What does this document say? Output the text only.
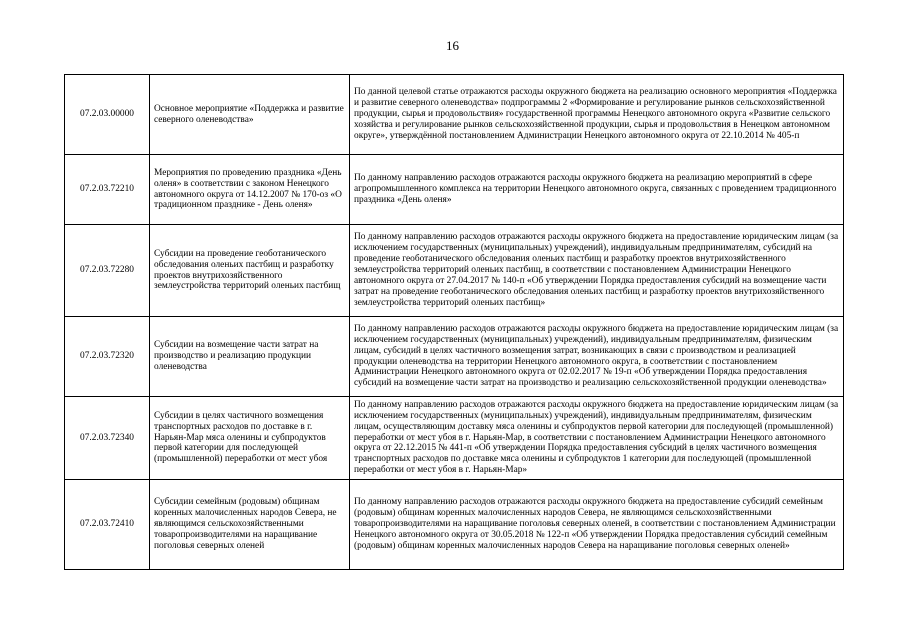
16
07.2.03.00000	Основное мероприятие «Поддержка и развитие северного оленеводства»	По данной целевой статье отражаются расходы окружного бюджета на реализацию основного мероприятия «Поддержка и развитие северного оленеводства» подпрограммы 2 «Формирование и регулирование рынков сельскохозяйственной продукции, сырья и продовольствия» государственной программы Ненецкого автономного округа «Развитие сельского хозяйства и регулирование рынков сельскохозяйственной продукции, сырья и продовольствия в Ненецком автономном округе», утверждённой постановлением Администрации Ненецкого автономного округа от 22.10.2014 № 405-п
07.2.03.72210	Мероприятия по проведению праздника «День оленя» в соответствии с законом Ненецкого автономного округа от 14.12.2007 № 170-оз «О традиционном празднике - День оленя»	По данному направлению расходов отражаются расходы окружного бюджета на реализацию мероприятий в сфере агропромышленного комплекса на территории Ненецкого автономного округа, связанных с проведением традиционного праздника «День оленя»
07.2.03.72280	Субсидии на проведение геоботанического обследования оленьих пастбищ и разработку проектов внутрихозяйственного землеустройства территорий оленьих пастбищ	По данному направлению расходов отражаются расходы окружного бюджета на предоставление юридическим лицам (за исключением государственных (муниципальных) учреждений), индивидуальным предпринимателям, субсидий на проведение геоботанического обследования оленьих пастбищ и разработку проектов внутрихозяйственного землеустройства территорий оленьих пастбищ, в соответствии с постановлением Администрации Ненецкого автономного округа от 27.04.2017 № 140-п «Об утверждении Порядка предоставления субсидий на возмещение части затрат на проведение геоботанического обследования оленьих пастбищ и разработку проектов внутрихозяйственного землеустройства территорий оленьих пастбищ»
07.2.03.72320	Субсидии на возмещение части затрат на производство и реализацию продукции оленеводства	По данному направлению расходов отражаются расходы окружного бюджета на предоставление юридическим лицам (за исключением государственных (муниципальных) учреждений), индивидуальным предпринимателям, физическим лицам, субсидий в целях частичного возмещения затрат, возникающих в связи с производством и реализацией продукции оленеводства на территории Ненецкого автономного округа, в соответствии с постановлением Администрации Ненецкого автономного округа от 02.02.2017 № 19-п «Об утверждении Порядка предоставления субсидий на возмещение части затрат на производство и реализацию сельскохозяйственной продукции оленеводства»
07.2.03.72340	Субсидии в целях частичного возмещения транспортных расходов по доставке в г. Нарьян-Мар мяса оленины и субпродуктов первой категории для последующей (промышленной) переработки от мест убоя	По данному направлению расходов отражаются расходы окружного бюджета на предоставление юридическим лицам (за исключением государственных (муниципальных) учреждений), индивидуальным предпринимателям, физическим лицам, осуществляющим доставку мяса оленины и субпродуктов первой категории для последующей (промышленной) переработки от мест убоя в г. Нарьян-Мар, в соответствии с постановлением Администрации Ненецкого автономного округа от 22.12.2015 № 441-п «Об утверждении Порядка предоставления субсидий в целях частичного возмещения транспортных расходов по доставке мяса оленины и субпродуктов 1 категории для последующей (промышленной переработки от мест убоя в г. Нарьян-Мар»
07.2.03.72410	Субсидии семейным (родовым) общинам коренных малочисленных народов Севера, не являющимся сельскохозяйственными товаропроизводителями на наращивание поголовья северных оленей	По данному направлению расходов отражаются расходы окружного бюджета на предоставление субсидий семейным (родовым) общинам коренных малочисленных народов Севера, не являющимся сельскохозяйственными товаропроизводителями на наращивание поголовья северных оленей, в соответствии с постановлением Администрации Ненецкого автономного округа от 30.05.2018 № 122-п «Об утверждении Порядка предоставления субсидий семейным (родовым) общинам коренных малочисленных народов Севера на наращивание поголовья северных оленей»
